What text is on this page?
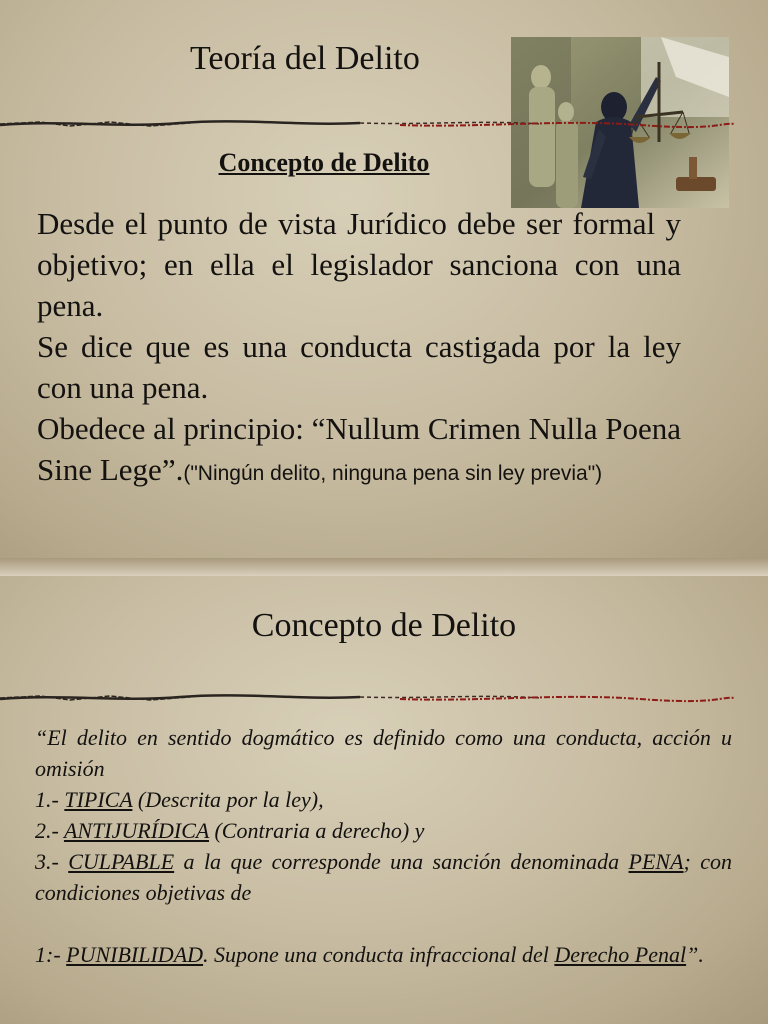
Teoría del Delito
Concepto de Delito

Desde el punto de vista Jurídico debe ser formal y objetivo; en ella el legislador sanciona con una pena.

Se dice que es una conducta castigada por la ley con una pena.

Obedece al principio: “Nullum Crimen Nulla Poena Sine Lege”.("Ningún delito, ninguna pena sin ley previa")

Concepto de Delito

“El delito en sentido dogmático es definido como una conducta, acción u omisión

1.- TIPICA (Descrita por la ley),

2.- ANTIJURÍDICA (Contraria a derecho) y

3.- CULPABLE a la que corresponde una sanción denominada PENA; con condiciones objetivas de

1:- PUNIBILIDAD. Supone una conducta infraccional del Derecho Penal”.
